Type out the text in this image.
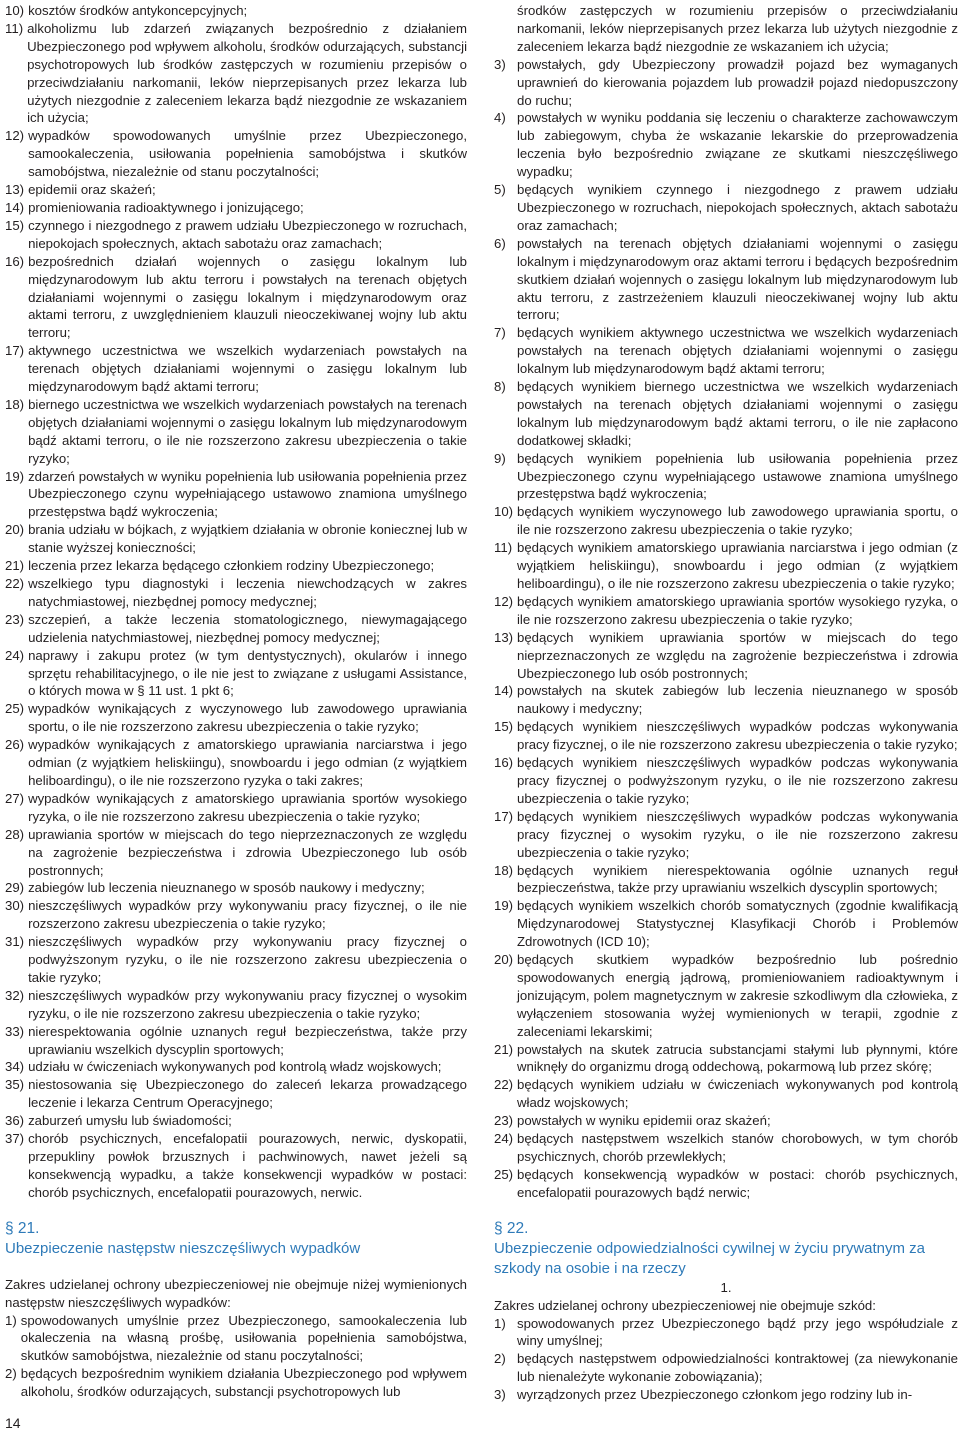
10) kosztów środków antykoncepcyjnych;
11) alkoholizmu lub zdarzeń związanych bezpośrednio z działaniem Ubezpieczonego pod wpływem alkoholu, środków odurzających, substancji psychotropowych lub środków zastępczych w rozumieniu przepisów o przeciwdziałaniu narkomanii, leków nieprzepisanych przez lekarza lub użytych niezgodnie z zaleceniem lekarza bądź niezgodnie ze wskazaniem ich użycia;
12) wypadków spowodowanych umyślnie przez Ubezpieczonego, samookaleczenia, usiłowania popełnienia samobójstwa i skutków samobójstwa, niezależnie od stanu poczytalności;
13) epidemii oraz skażeń;
14) promieniowania radioaktywnego i jonizującego;
15) czynnego i niezgodnego z prawem udziału Ubezpieczonego w rozruchach, niepokojach społecznych, aktach sabotażu oraz zamachach;
16) bezpośrednich działań wojennych o zasięgu lokalnym lub międzynarodowym lub aktu terroru i powstałych na terenach objętych działaniami wojennymi o zasięgu lokalnym i międzynarodowym oraz aktami terroru, z uwzględnieniem klauzuli nieoczekiwanej wojny lub aktu terroru;
17) aktywnego uczestnictwa we wszelkich wydarzeniach powstałych na terenach objętych działaniami wojennymi o zasięgu lokalnym lub międzynarodowym bądź aktami terroru;
18) biernego uczestnictwa we wszelkich wydarzeniach powstałych na terenach objętych działaniami wojennymi o zasięgu lokalnym lub międzynarodowym bądź aktami terroru, o ile nie rozszerzono zakresu ubezpieczenia o takie ryzyko;
19) zdarzeń powstałych w wyniku popełnienia lub usiłowania popełnienia przez Ubezpieczonego czynu wypełniającego ustawowo znamiona umyślnego przestępstwa bądź wykroczenia;
20) brania udziału w bójkach, z wyjątkiem działania w obronie koniecznej lub w stanie wyższej konieczności;
21) leczenia przez lekarza będącego członkiem rodziny Ubezpieczonego;
22) wszelkiego typu diagnostyki i leczenia niewchodzących w zakres natychmiastowej, niezbędnej pomocy medycznej;
23) szczepień, a także leczenia stomatologicznego, niewymagającego udzielenia natychmiastowej, niezbędnej pomocy medycznej;
24) naprawy i zakupu protez (w tym dentystycznych), okularów i innego sprzętu rehabilitacyjnego, o ile nie jest to związane z usługami Assistance, o których mowa w § 11 ust. 1 pkt 6;
25) wypadków wynikających z wyczynowego lub zawodowego uprawiania sportu, o ile nie rozszerzono zakresu ubezpieczenia o takie ryzyko;
26) wypadków wynikających z amatorskiego uprawiania narciarstwa i jego odmian (z wyjątkiem heliskiingu), snowboardu i jego odmian (z wyjątkiem heliboardingu), o ile nie rozszerzono ryzyka o taki zakres;
27) wypadków wynikających z amatorskiego uprawiania sportów wysokiego ryzyka, o ile nie rozszerzono zakresu ubezpieczenia o takie ryzyko;
28) uprawiania sportów w miejscach do tego nieprzeznaczonych ze względu na zagrożenie bezpieczeństwa i zdrowia Ubezpieczonego lub osób postronnych;
29) zabiegów lub leczenia nieuznanego w sposób naukowy i medyczny;
30) nieszczęśliwych wypadków przy wykonywaniu pracy fizycznej, o ile nie rozszerzono zakresu ubezpieczenia o takie ryzyko;
31) nieszczęśliwych wypadków przy wykonywaniu pracy fizycznej o podwyższonym ryzyku, o ile nie rozszerzono zakresu ubezpieczenia o takie ryzyko;
32) nieszczęśliwych wypadków przy wykonywaniu pracy fizycznej o wysokim ryzyku, o ile nie rozszerzono zakresu ubezpieczenia o takie ryzyko;
33) nierespektowania ogólnie uznanych reguł bezpieczeństwa, także przy uprawianiu wszelkich dyscyplin sportowych;
34) udziału w ćwiczeniach wykonywanych pod kontrolą władz wojskowych;
35) niestosowania się Ubezpieczonego do zaleceń lekarza prowadzącego leczenie i lekarza Centrum Operacyjnego;
36) zaburzeń umysłu lub świadomości;
37) chorób psychicznych, encefalopatii pourazowych, nerwic, dyskopatii, przepukliny powłok brzusznych i pachwinowych, nawet jeżeli są konsekwencją wypadku, a także konsekwencji wypadków w postaci: chorób psychicznych, encefalopatii pourazowych, nerwic.
§ 21.
Ubezpieczenie następstw nieszczęśliwych wypadków
Zakres udzielanej ochrony ubezpieczeniowej nie obejmuje niżej wymienionych następstw nieszczęśliwych wypadków:
1) spowodowanych umyślnie przez Ubezpieczonego, samookaleczenia lub okaleczenia na własną prośbę, usiłowania popełnienia samobójstwa, skutków samobójstwa, niezależnie od stanu poczytalności;
2) będących bezpośrednim wynikiem działania Ubezpieczonego pod wpływem alkoholu, środków odurzających, substancji psychotropowych lub
środków zastępczych w rozumieniu przepisów o przeciwdziałaniu narkomanii, leków nieprzepisanych przez lekarza lub użytych niezgodnie z zaleceniem lekarza bądź niezgodnie ze wskazaniem ich użycia;
3) powstałych, gdy Ubezpieczony prowadził pojazd bez wymaganych uprawnień do kierowania pojazdem lub prowadził pojazd niedopuszczony do ruchu;
4) powstałych w wyniku poddania się leczeniu o charakterze zachowawczym lub zabiegowym, chyba że wskazanie lekarskie do przeprowadzenia leczenia było bezpośrednio związane ze skutkami nieszczęśliwego wypadku;
5) będących wynikiem czynnego i niezgodnego z prawem udziału Ubezpieczonego w rozruchach, niepokojach społecznych, aktach sabotażu oraz zamachach;
6) powstałych na terenach objętych działaniami wojennymi o zasięgu lokalnym i międzynarodowym oraz aktami terroru i będących bezpośrednim skutkiem działań wojennych o zasięgu lokalnym lub międzynarodowym lub aktu terroru, z zastrzeżeniem klauzuli nieoczekiwanej wojny lub aktu terroru;
7) będących wynikiem aktywnego uczestnictwa we wszelkich wydarzeniach powstałych na terenach objętych działaniami wojennymi o zasięgu lokalnym lub międzynarodowym bądź aktami terroru;
8) będących wynikiem biernego uczestnictwa we wszelkich wydarzeniach powstałych na terenach objętych działaniami wojennymi o zasięgu lokalnym lub międzynarodowym bądź aktami terroru, o ile nie zapłacono dodatkowej składki;
9) będących wynikiem popełnienia lub usiłowania popełnienia przez Ubezpieczonego czynu wypełniającego ustawowe znamiona umyślnego przestępstwa bądź wykroczenia;
10) będących wynikiem wyczynowego lub zawodowego uprawiania sportu, o ile nie rozszerzono zakresu ubezpieczenia o takie ryzyko;
11) będących wynikiem amatorskiego uprawiania narciarstwa i jego odmian (z wyjątkiem heliskiingu), snowboardu i jego odmian (z wyjątkiem heliboardingu), o ile nie rozszerzono zakresu ubezpieczenia o takie ryzyko;
12) będących wynikiem amatorskiego uprawiania sportów wysokiego ryzyka, o ile nie rozszerzono zakresu ubezpieczenia o takie ryzyko;
13) będących wynikiem uprawiania sportów w miejscach do tego nieprzeznaczonych ze względu na zagrożenie bezpieczeństwa i zdrowia Ubezpieczonego lub osób postronnych;
14) powstałych na skutek zabiegów lub leczenia nieuznanego w sposób naukowy i medyczny;
15) będących wynikiem nieszczęśliwych wypadków podczas wykonywania pracy fizycznej, o ile nie rozszerzono zakresu ubezpieczenia o takie ryzyko;
16) będących wynikiem nieszczęśliwych wypadków podczas wykonywania pracy fizycznej o podwyższonym ryzyku, o ile nie rozszerzono zakresu ubezpieczenia o takie ryzyko;
17) będących wynikiem nieszczęśliwych wypadków podczas wykonywania pracy fizycznej o wysokim ryzyku, o ile nie rozszerzono zakresu ubezpieczenia o takie ryzyko;
18) będących wynikiem nierespektowania ogólnie uznanych reguł bezpieczeństwa, także przy uprawianiu wszelkich dyscyplin sportowych;
19) będących wynikiem wszelkich chorób somatycznych (zgodnie kwalifikacją Międzynarodowej Statystycznej Klasyfikacji Chorób i Problemów Zdrowotnych (ICD 10);
20) będących skutkiem wypadków bezpośrednio lub pośrednio spowodowanych energią jądrową, promieniowaniem radioaktywnym i jonizującym, polem magnetycznym w zakresie szkodliwym dla człowieka, z wyłączeniem stosowania wyżej wymienionych w terapii, zgodnie z zaleceniami lekarskimi;
21) powstałych na skutek zatrucia substancjami stałymi lub płynnymi, które wniknęły do organizmu drogą oddechową, pokarmową lub przez skórę;
22) będących wynikiem udziału w ćwiczeniach wykonywanych pod kontrolą władz wojskowych;
23) powstałych w wyniku epidemii oraz skażeń;
24) będących następstwem wszelkich stanów chorobowych, w tym chorób psychicznych, chorób przewlekłych;
25) będących konsekwencją wypadków w postaci: chorób psychicznych, encefalopatii pourazowych bądź nerwic;
§ 22.
Ubezpieczenie odpowiedzialności cywilnej w życiu prywatnym za szkody na osobie i na rzeczy
1.
Zakres udzielanej ochrony ubezpieczeniowej nie obejmuje szkód:
1) spowodowanych przez Ubezpieczonego bądź przy jego współudziale z winy umyślnej;
2) będących następstwem odpowiedzialności kontraktowej (za niewykonanie lub nienależyte wykonanie zobowiązania);
3) wyrządzonych przez Ubezpieczonego członkom jego rodziny lub in-
14
